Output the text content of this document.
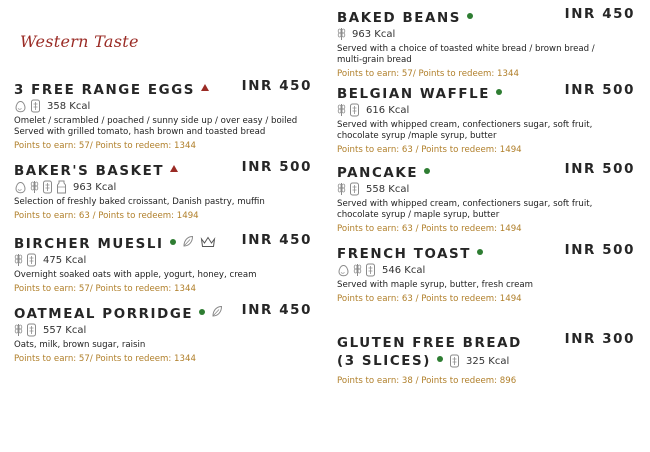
Western Taste
3 FREE RANGE EGGS	INR 450
358 Kcal
Omelet / scrambled / poached / sunny side up / over easy / boiled
Served with grilled tomato, hash brown and toasted bread
Points to earn: 57/ Points to redeem: 1344
BAKER'S BASKET	INR 500
963 Kcal
Selection of freshly baked croissant, Danish pastry, muffin
Points to earn: 63 / Points to redeem: 1494
BIRCHER MUESLI	INR 450
475 Kcal
Overnight soaked oats with apple, yogurt, honey, cream
Points to earn: 57/ Points to redeem: 1344
OATMEAL PORRIDGE	INR 450
557 Kcal
Oats, milk, brown sugar, raisin
Points to earn: 57/ Points to redeem: 1344
BAKED BEANS	INR 450
963 Kcal
Served with a choice of toasted white bread / brown bread /
multi-grain bread
Points to earn: 57/ Points to redeem: 1344
BELGIAN WAFFLE	INR 500
616 Kcal
Served with whipped cream, confectioners sugar, soft fruit,
chocolate syrup /maple syrup, butter
Points to earn: 63 / Points to redeem: 1494
PANCAKE	INR 500
558 Kcal
Served with whipped cream, confectioners sugar, soft fruit,
chocolate syrup / maple syrup, butter
Points to earn: 63 / Points to redeem: 1494
FRENCH TOAST	INR 500
546 Kcal
Served with maple syrup, butter, fresh cream
Points to earn: 63 / Points to redeem: 1494
GLUTEN FREE BREAD	INR 300
(3 SLICES)	325 Kcal
Points to earn: 38 / Points to redeem: 896
